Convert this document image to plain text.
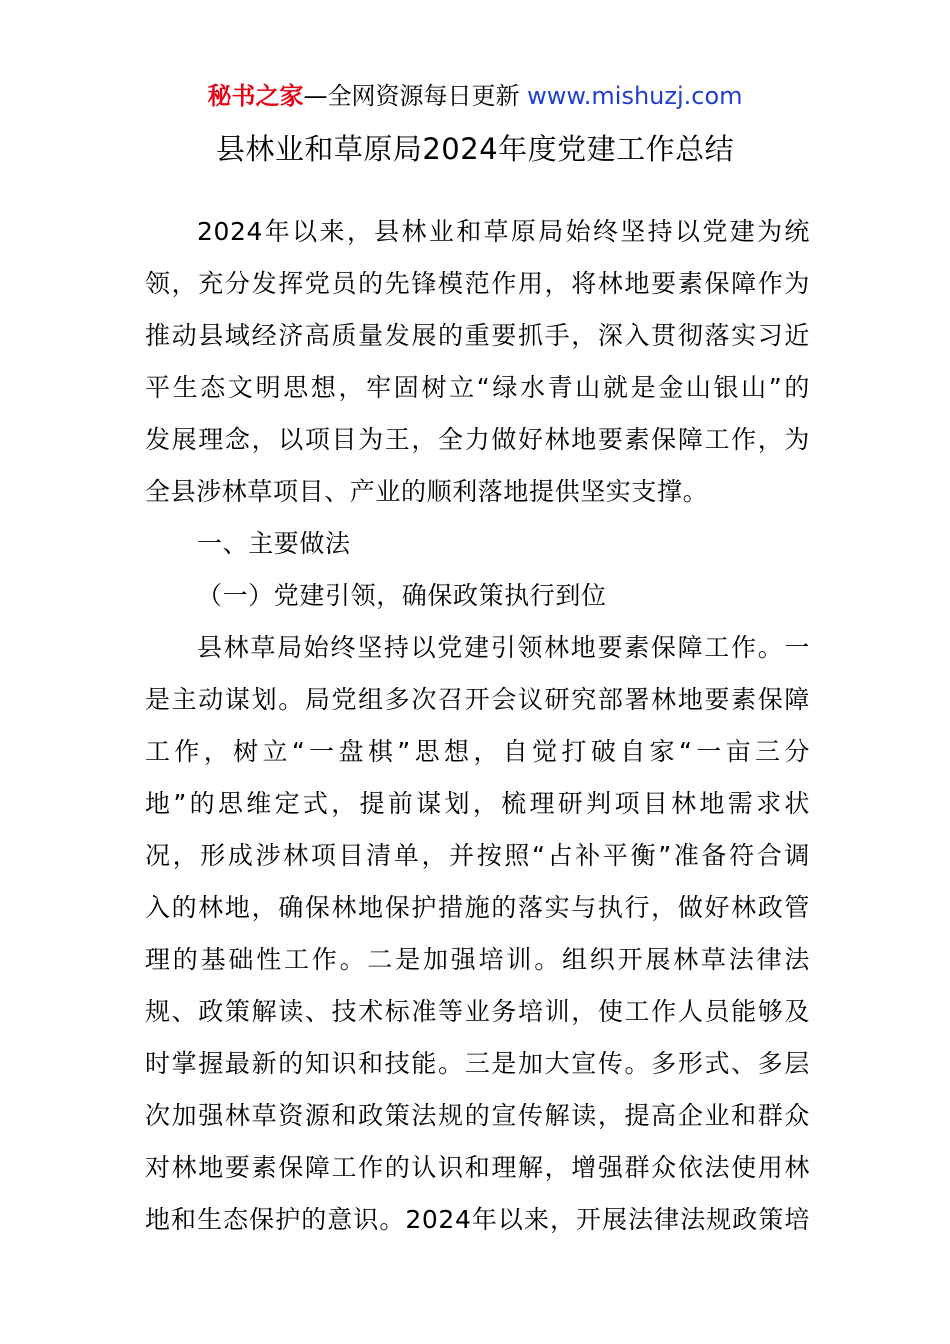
秘书之家—全网资源每日更新 www.mishuzj.com
县林业和草原局2024年度党建工作总结
2024年以来，县林业和草原局始终坚持以党建为统
领，充分发挥党员的先锋模范作用，将林地要素保障作为
推动县域经济高质量发展的重要抓手，深入贯彻落实习近
平生态文明思想，牢固树立“绿水青山就是金山银山”的
发展理念，以项目为王，全力做好林地要素保障工作，为
全县涉林草项目、产业的顺利落地提供坚实支撑。
一、主要做法
（一）党建引领，确保政策执行到位
县林草局始终坚持以党建引领林地要素保障工作。一
是主动谋划。局党组多次召开会议研究部署林地要素保障
工作，树立“一盘棋”思想，自觉打破自家“一亩三分
地”的思维定式，提前谋划，梳理研判项目林地需求状
况，形成涉林项目清单，并按照“占补平衡”准备符合调
入的林地，确保林地保护措施的落实与执行，做好林政管
理的基础性工作。二是加强培训。组织开展林草法律法
规、政策解读、技术标准等业务培训，使工作人员能够及
时掌握最新的知识和技能。三是加大宣传。多形式、多层
次加强林草资源和政策法规的宣传解读，提高企业和群众
对林地要素保障工作的认识和理解，增强群众依法使用林
地和生态保护的意识。2024年以来，开展法律法规政策培
